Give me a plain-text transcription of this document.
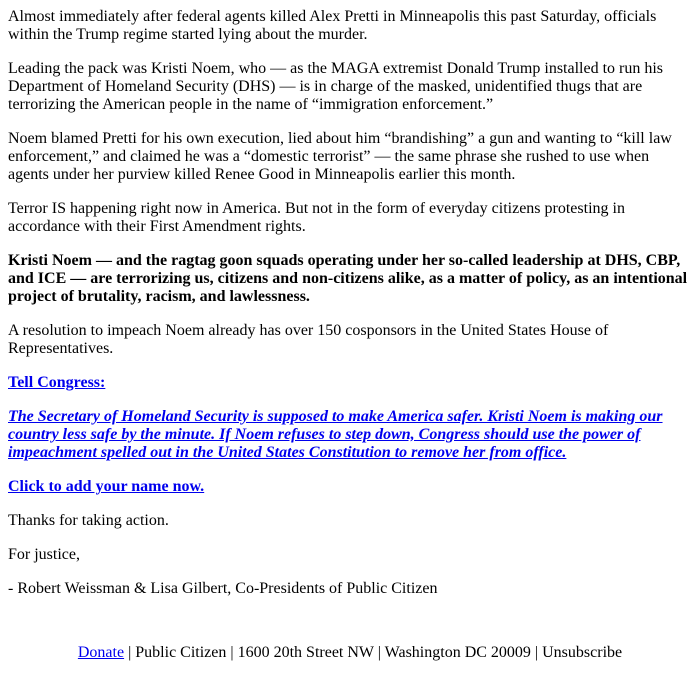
Almost immediately after federal agents killed Alex Pretti in Minneapolis this past Saturday, officials within the Trump regime started lying about the murder.

Leading the pack was Kristi Noem, who — as the MAGA extremist Donald Trump installed to run his Department of Homeland Security (DHS) — is in charge of the masked, unidentified thugs that are terrorizing the American people in the name of “immigration enforcement.”

Noem blamed Pretti for his own execution, lied about him “brandishing” a gun and wanting to “kill law enforcement,” and claimed he was a “domestic terrorist” — the same phrase she rushed to use when agents under her purview killed Renee Good in Minneapolis earlier this month.

Terror IS happening right now in America. But not in the form of everyday citizens protesting in accordance with their First Amendment rights.

Kristi Noem — and the ragtag goon squads operating under her so-called leadership at DHS, CBP, and ICE — are terrorizing us, citizens and non-citizens alike, as a matter of policy, as an intentional project of brutality, racism, and lawlessness.

A resolution to impeach Noem already has over 150 cosponsors in the United States House of Representatives.

Tell Congress:

The Secretary of Homeland Security is supposed to make America safer. Kristi Noem is making our country less safe by the minute. If Noem refuses to step down, Congress should use the power of impeachment spelled out in the United States Constitution to remove her from office.

Click to add your name now.

Thanks for taking action.

For justice,

- Robert Weissman & Lisa Gilbert, Co-Presidents of Public Citizen

Donate | Public Citizen | 1600 20th Street NW | Washington DC 20009 | Unsubscribe
